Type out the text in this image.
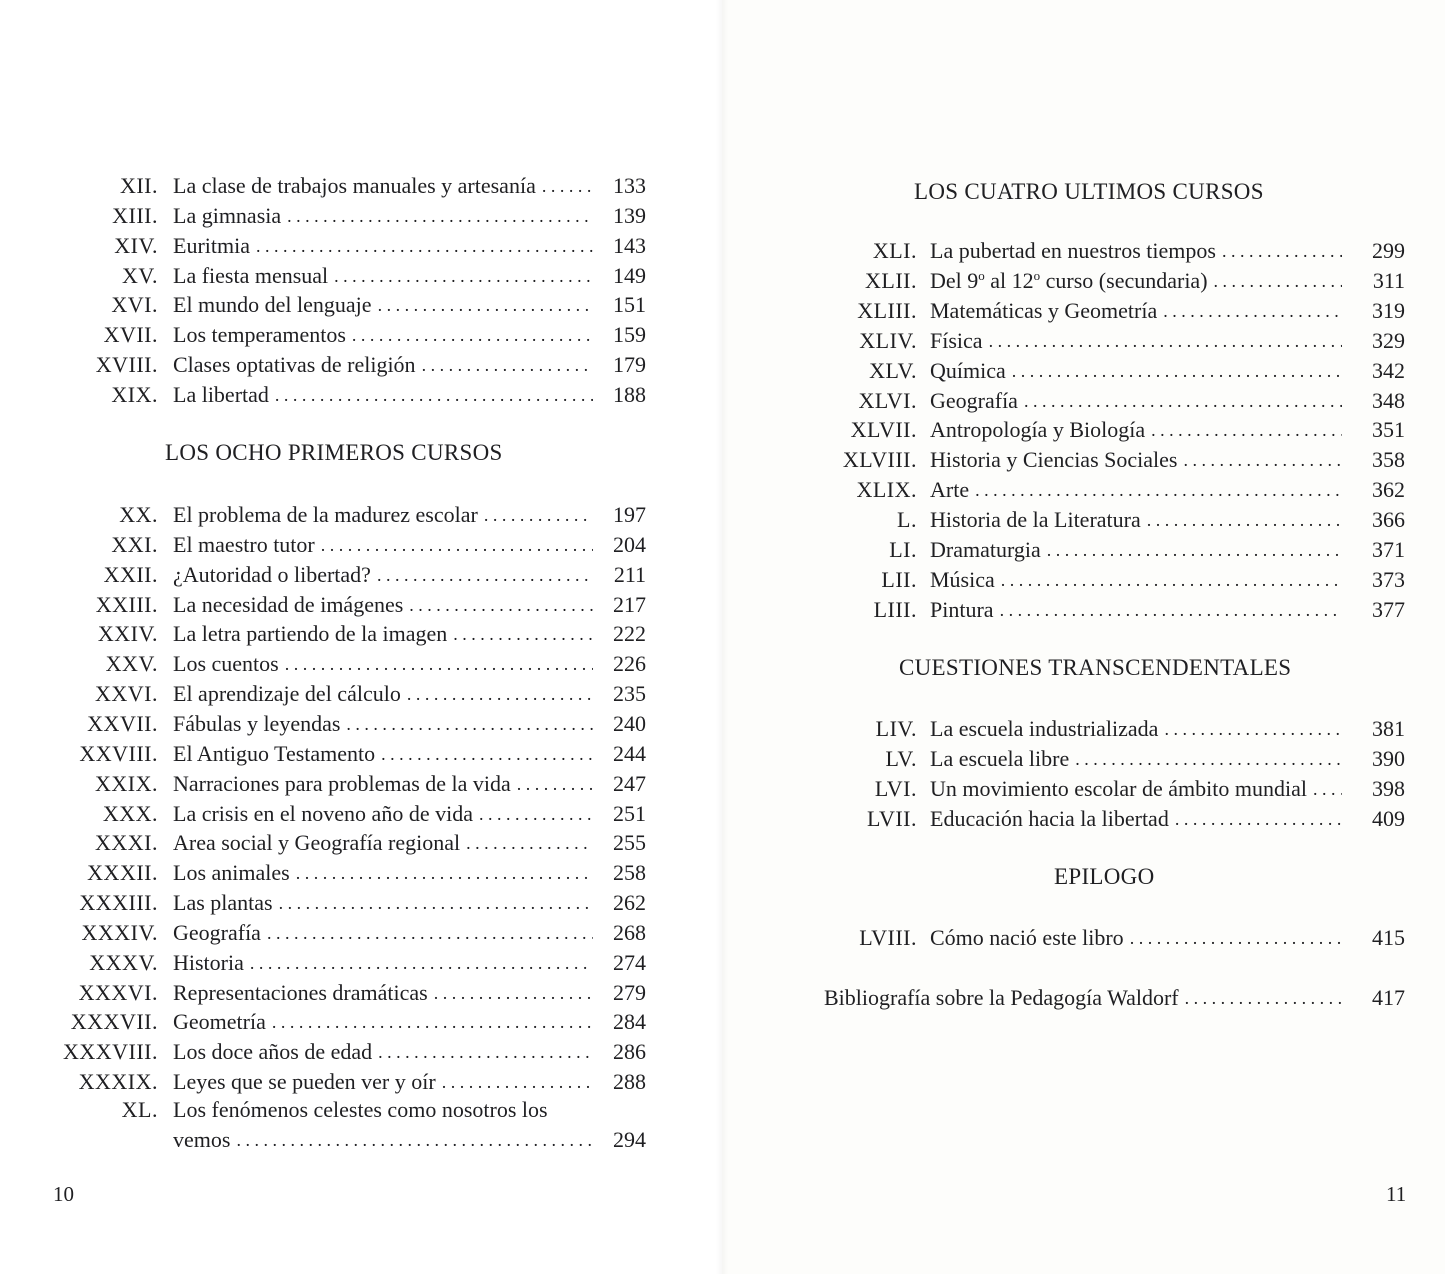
LOS OCHO PRIMEROS CURSOS
XL. Los fenómenos celestes como nosotros los
vemos . . .	294
10
LOS CUATRO ULTIMOS CURSOS
CUESTIONES TRANSCENDENTALES
EPILOGO
XLII. Del 9$^o$ al 12$^o$ curso (secundaria) . . .	311
Bibliografía sobre la Pedagogía Waldorf . . .	417
11
XII. La clase de trabajos manuales y artesanía . . .	133
XIII. La gimnasia . . .	139
XIV. Euritmia . . .	143
XV. La fiesta mensual . . .	149
XVI. El mundo del lenguaje . . .	151
XVII. Los temperamentos . . .	159
XVIII. Clases optativas de religión . . .	179
XIX. La libertad . . .	188
XX. El problema de la madurez escolar . . .	197
XXI. El maestro tutor . . .	204
XXII. ¿Autoridad o libertad? . . .	211
XXIII. La necesidad de imágenes . . .	217
XXIV. La letra partiendo de la imagen . . .	222
XXV. Los cuentos . . .	226
XXVI. El aprendizaje del cálculo . . .	235
XXVII. Fábulas y leyendas . . .	240
XXVIII. El Antiguo Testamento . . .	244
XXIX. Narraciones para problemas de la vida . . .	247
XXX. La crisis en el noveno año de vida . . .	251
XXXI. Area social y Geografía regional . . .	255
XXXII. Los animales . . .	258
XXXIII. Las plantas . . .	262
XXXIV. Geografía . . .	268
XXXV. Historia . . .	274
XXXVI. Representaciones dramáticas . . .	279
XXXVII. Geometría . . .	284
XXXVIII. Los doce años de edad . . .	286
XXXIX. Leyes que se pueden ver y oír . . .	288
XLI. La pubertad en nuestros tiempos . . .	299
XLIII. Matemáticas y Geometría . . .	319
XLIV. Física . . .	329
XLV. Química . . .	342
XLVI. Geografía . . .	348
XLVII. Antropología y Biología . . .	351
XLVIII. Historia y Ciencias Sociales . . .	358
XLIX. Arte . . .	362
L. Historia de la Literatura . . .	366
LI. Dramaturgia . . .	371
LII. Música . . .	373
LIII. Pintura . . .	377
LIV. La escuela industrializada . . .	381
LV. La escuela libre . . .	390
LVI. Un movimiento escolar de ámbito mundial . . .	398
LVII. Educación hacia la libertad . . .	409
LVIII. Cómo nació este libro . . .	415
